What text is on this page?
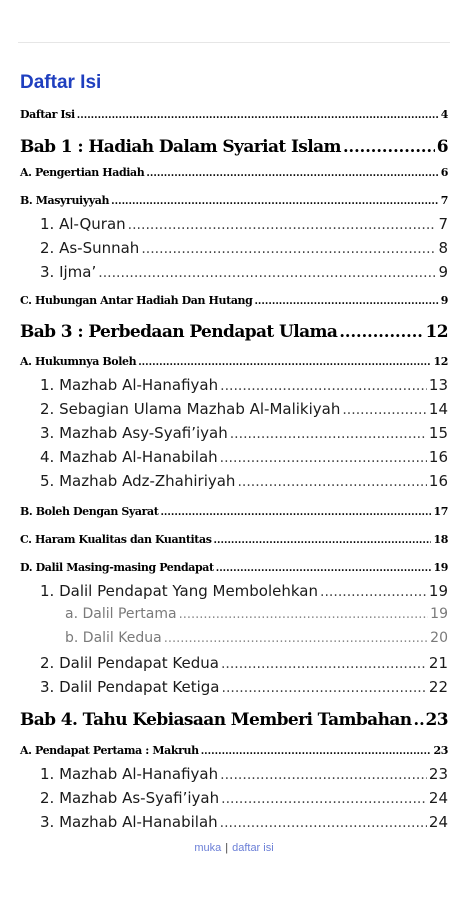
Daftar Isi
Daftar Isi .....	4
Bab 1 : Hadiah Dalam Syariat Islam .....	6
A. Pengertian Hadiah .....	6
B. Masyruiyyah .....	7
1. Al-Quran .....	7
2. As-Sunnah .....	8
3. Ijma’ .....	9
C. Hubungan Antar Hadiah Dan Hutang .....	9
Bab 3 : Perbedaan Pendapat Ulama .....	12
A. Hukumnya Boleh .....	12
1. Mazhab Al-Hanafiyah .....	13
2. Sebagian Ulama Mazhab Al-Malikiyah .....	14
3. Mazhab Asy-Syafi’iyah .....	15
4. Mazhab Al-Hanabilah .....	16
5. Mazhab Adz-Zhahiriyah .....	16
B. Boleh Dengan Syarat .....	17
C. Haram Kualitas dan Kuantitas .....	18
D. Dalil Masing-masing Pendapat .....	19
1. Dalil Pendapat Yang Membolehkan .....	19
a. Dalil Pertama .....	19
b. Dalil Kedua .....	20
2. Dalil Pendapat Kedua .....	21
3. Dalil Pendapat Ketiga .....	22
Bab 4. Tahu Kebiasaan Memberi Tambahan ..... 23
A. Pendapat Pertama : Makruh .....	23
1. Mazhab Al-Hanafiyah .....	23
2. Mazhab As-Syafi’iyah .....	24
3. Mazhab Al-Hanabilah .....	24
muka | daftar isi
